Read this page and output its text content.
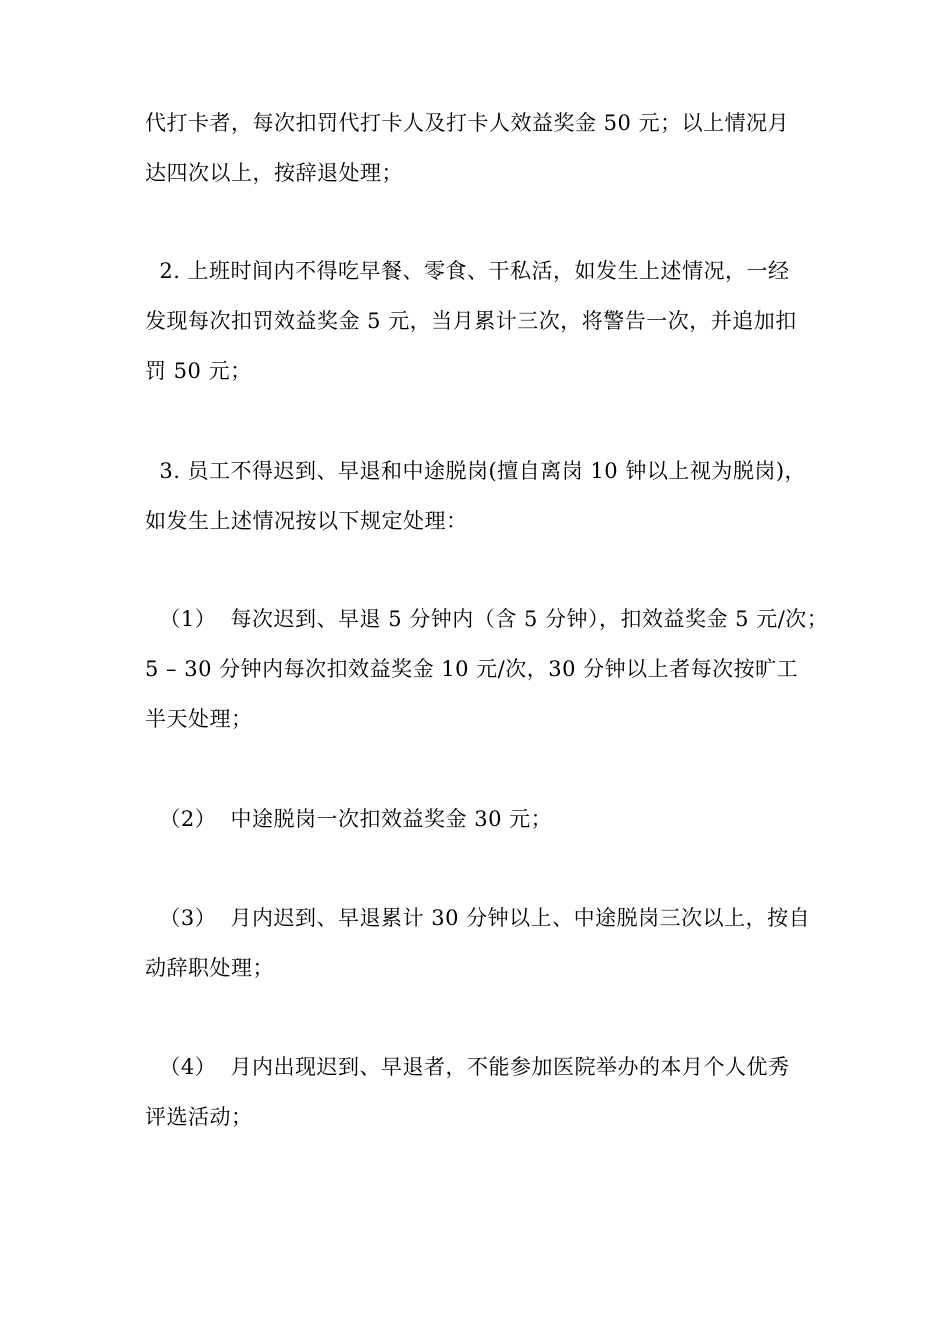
代打卡者，每次扣罚代打卡人及打卡人效益奖金 50 元；以上情况月
达四次以上，按辞退处理；
2. 上班时间内不得吃早餐、零食、干私活，如发生上述情况，一经
发现每次扣罚效益奖金 5 元，当月累计三次，将警告一次，并追加扣
罚 50 元；
3. 员工不得迟到、早退和中途脱岗(擅自离岗 10 钟以上视为脱岗)，
如发生上述情况按以下规定处理：
（1）  每次迟到、早退 5 分钟内（含 5 分钟），扣效益奖金 5 元/次；
5 – 30 分钟内每次扣效益奖金 10 元/次，30 分钟以上者每次按旷工
半天处理；
（2）  中途脱岗一次扣效益奖金 30 元；
（3）  月内迟到、早退累计 30 分钟以上、中途脱岗三次以上，按自
动辞职处理；
（4）  月内出现迟到、早退者，不能参加医院举办的本月个人优秀
评选活动；
